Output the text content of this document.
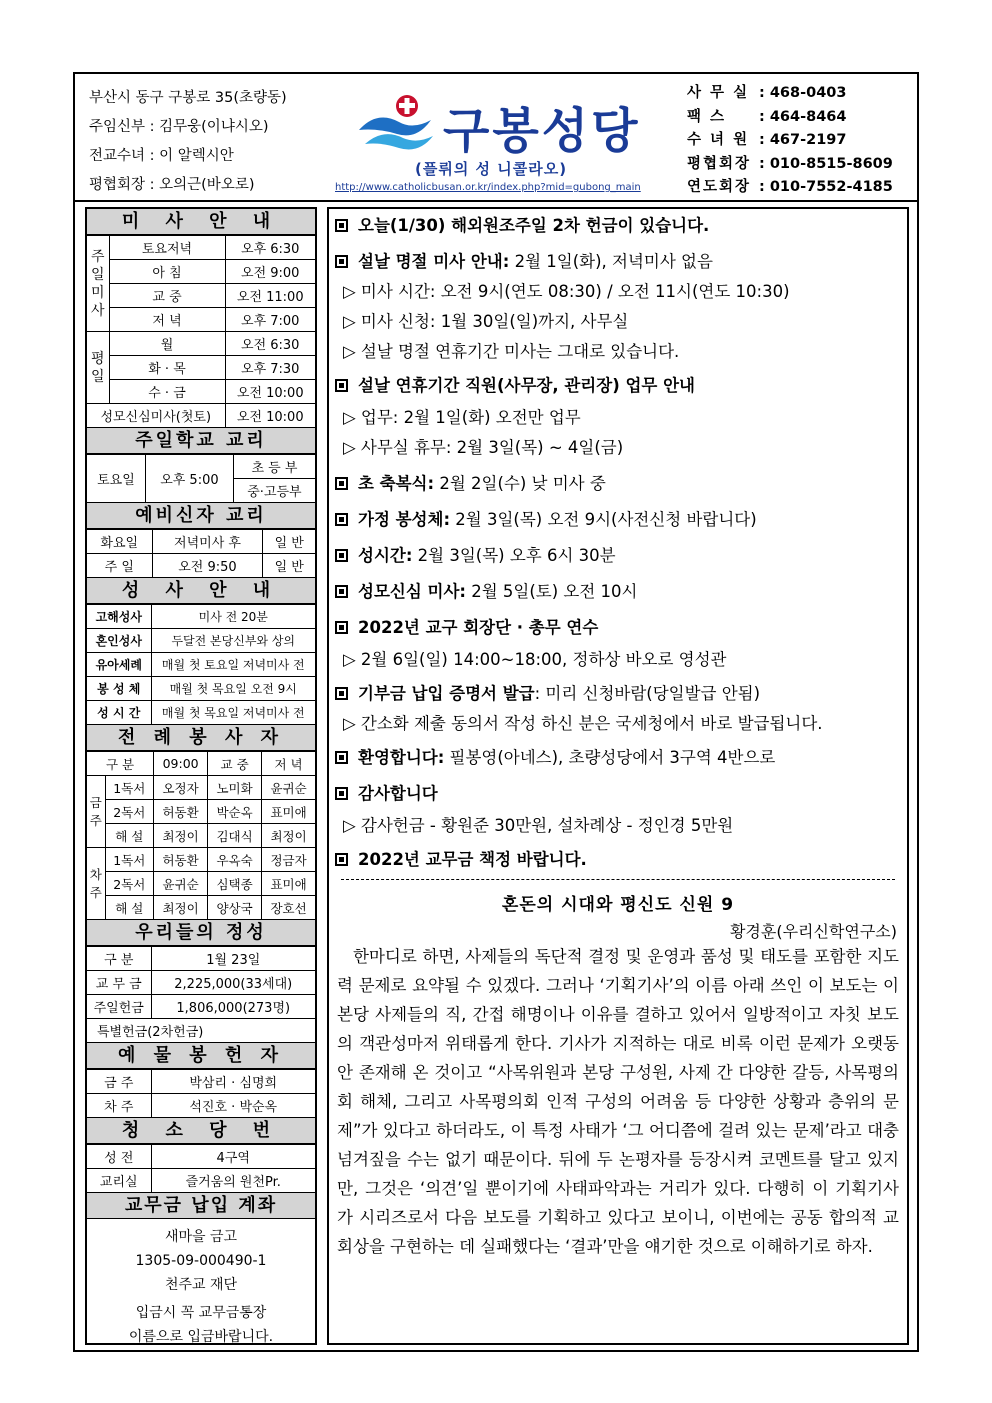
부산시 동구 구봉로 35(초량동)
주임신부 : 김무웅(이냐시오)
전교수녀 : 이 알렉시안
평협회장 : 오의근(바오로)
구봉성당
(플뤼의 성 니콜라오)
http://www.catholicbusan.or.kr/index.php?mid=gubong_main
사 무 실 : 468-0403
팩 스	: 464-8464
수 녀 원 : 467-2197
평협회장 : 010-8515-8609
연도회장 : 010-7552-4185
미 사 안 내
주일미사	토요저녁	오후 6:30
	아 침	오전 9:00
	교 중	오전 11:00
	저 녁	오후 7:00
평일	월	오전 6:30
	화 · 목	오후 7:30
	수 · 금	오전 10:00
성모신심미사(첫토)		오전 10:00
주일학교 교리
토요일	오후 5:00	초 등 부
중·고등부
예비신자 교리
화요일	저녁미사 후	일 반
주 일	오전 9:50	일 반
성 사 안 내
고해성사	미사 전 20분
혼인성사	두달전 본당신부와 상의
유아세례	매월 첫 토요일 저녁미사 전
봉 성 체	매월 첫 목요일 오전 9시
성 시 간	매월 첫 목요일 저녁미사 전
전 례 봉 사 자
구 분		09:00	교 중	저 녁
금주	1독서	오정자	노미화	윤귀순
	2독서	허동환	박순옥	표미애
	해 설	최정이	김대식	최정이
차주	1독서	허동환	우옥숙	정금자
	2독서	윤귀순	심택종	표미애
	해 설	최정이	양상국	장호선
우리들의 정성
구 분	1월 23일
교 무 금	2,225,000(33세대)
주일헌금	1,806,000(273명)
특별헌금(2차헌금)	
예 물 봉 헌 자
금 주	박삼리 · 심명희
차 주	석진호 · 박순옥
청 소 당 번
성 전	4구역
교리실	즐거움의 원천Pr.
교무금 납입 계좌
새마을 금고
1305-09-000490-1
천주교 재단
입금시 꼭 교무금통장
이름으로 입금바랍니다.
오늘(1/30) 해외원조주일 2차 헌금이 있습니다.
설날 명절 미사 안내: 2월 1일(화), 저녁미사 없음
▷ 미사 시간: 오전 9시(연도 08:30) / 오전 11시(연도 10:30)
▷ 미사 신청: 1월 30일(일)까지, 사무실
▷ 설날 명절 연휴기간 미사는 그대로 있습니다.
설날 연휴기간 직원(사무장, 관리장) 업무 안내
▷ 업무: 2월 1일(화) 오전만 업무
▷ 사무실 휴무: 2월 3일(목) ~ 4일(금)
초 축복식: 2월 2일(수) 낮 미사 중
가정 봉성체: 2월 3일(목) 오전 9시(사전신청 바랍니다)
성시간: 2월 3일(목) 오후 6시 30분
성모신심 미사: 2월 5일(토) 오전 10시
2022년 교구 회장단 · 총무 연수
▷ 2월 6일(일) 14:00~18:00, 정하상 바오로 영성관
기부금 납입 증명서 발급: 미리 신청바람(당일발급 안됨)
▷ 간소화 제출 동의서 작성 하신 분은 국세청에서 바로 발급됩니다.
환영합니다: 필봉영(아네스), 초량성당에서 3구역 4반으로
감사합니다
▷ 감사헌금 - 황원준 30만원, 설차례상 - 정인경 5만원
2022년 교무금 책정 바랍니다.
혼돈의 시대와 평신도 신원 9
황경훈(우리신학연구소)
한마디로 하면, 사제들의 독단적 결정 및 운영과 품성 및 태도를 포함한 지도력 문제로 요약될 수 있겠다. 그러나 ‘기획기사’의 이름 아래 쓰인 이 보도는 이 본당 사제들의 직, 간접 해명이나 이유를 결하고 있어서 일방적이고 자칫 보도의 객관성마저 위태롭게 한다. 기사가 지적하는 대로 비록 이런 문제가 오랫동안 존재해 온 것이고 “사목위원과 본당 구성원, 사제 간 다양한 갈등, 사목평의회 해체, 그리고 사목평의회 인적 구성의 어려움 등 다양한 상황과 층위의 문제”가 있다고 하더라도, 이 특정 사태가 ‘그 어디쯤에 걸려 있는 문제’라고 대충 넘겨짚을 수는 없기 때문이다. 뒤에 두 논평자를 등장시켜 코멘트를 달고 있지만, 그것은 ‘의견’일 뿐이기에 사태파악과는 거리가 있다. 다행히 이 기획기사가 시리즈로서 다음 보도를 기획하고 있다고 보이니, 이번에는 공동 합의적 교회상을 구현하는 데 실패했다는 ‘결과’만을 얘기한 것으로 이해하기로 하자.
